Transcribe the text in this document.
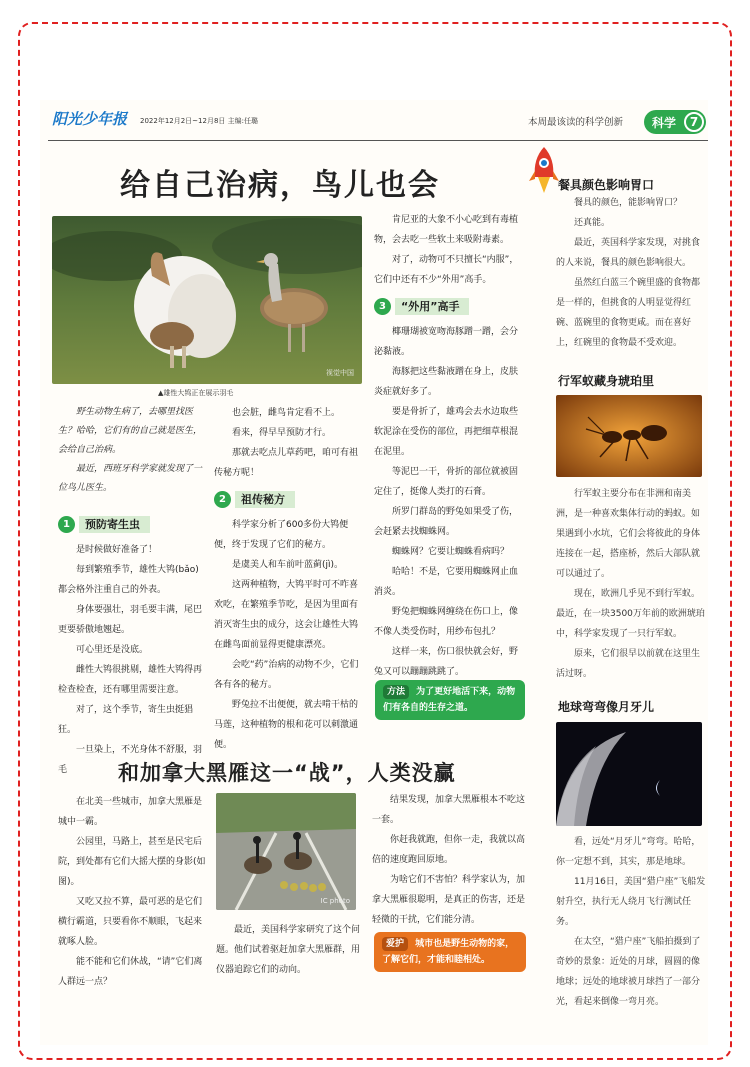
阳光少年报 2022年12月2日~12月8日 主编:任璐	本周最该读的科学创新	科学	7
给自己治病，鸟儿也会
视觉中国
▲雄性大鸨正在展示羽毛

野生动物生病了，去哪里找医生？哈哈，它们有的自己就是医生，会给自己治病。

最近，西班牙科学家就发现了一位鸟儿医生。

1	预防寄生虫

是时候做好准备了！

每到繁殖季节，雄性大鸨(bǎo)都会格外注重自己的外表。

身体要强壮，羽毛要丰满，尾巴更要骄傲地翘起。

可心里还是没底。

雌性大鸨很挑剔，雄性大鸨得再检查检查，还有哪里需要注意。

对了，这个季节，寄生虫挺猖狂。

一旦染上，不光身体不舒服，羽毛

也会脏，雌鸟肯定看不上。

看来，得早早预防才行。

那就去吃点儿草药吧，咱可有祖传秘方呢！

2	祖传秘方

科学家分析了600多份大鸨便便，终于发现了它们的秘方。

是虞美人和车前叶蓝蓟(jì)。

这两种植物，大鸨平时可不咋喜欢吃，在繁殖季节吃，是因为里面有消灭寄生虫的成分，这会让雄性大鸨在雌鸟面前显得更健康漂亮。

会吃“药”治病的动物不少，它们各有各的秘方。

野兔拉不出便便，就去啃干枯的马莲，这种植物的根和花可以刺激通便。

肯尼亚的大象不小心吃到有毒植物，会去吃一些软土来吸附毒素。

对了，动物可不只擅长“内服”，它们中还有不少“外用”高手。

3	“外用”高手

椰珊瑚被宽吻海豚蹭一蹭，会分泌黏液。

海豚把这些黏液蹭在身上，皮肤炎症就好多了。

要是骨折了，雄鸡会去水边取些软泥涂在受伤的部位，再把细草根混在泥里。

等泥巴一干，骨折的部位就被固定住了，挺像人类打的石膏。

所罗门群岛的野兔如果受了伤，会赶紧去找蜘蛛网。

蜘蛛网？它要让蜘蛛看病吗？

哈哈！不是，它要用蜘蛛网止血消炎。

野兔把蜘蛛网缠绕在伤口上，像不像人类受伤时，用纱布包扎？

这样一来，伤口很快就会好，野兔又可以蹦蹦跳跳了。

方法 为了更好地活下来，动物们有各自的生存之道。
和加拿大黑雁这一“战”，人类没赢

在北美一些城市，加拿大黑雁是城中一霸。

公园里，马路上，甚至是民宅后院，到处都有它们大摇大摆的身影(如图)。

又吃又拉不算，最可恶的是它们横行霸道，只要看你不顺眼，飞起来就啄人脸。

能不能和它们休战，“请”它们离人群远一点？

IC photo

最近，美国科学家研究了这个问题。他们试着驱赶加拿大黑雁群，用仪器追踪它们的动向。

结果发现，加拿大黑雁根本不吃这一套。

你赶我就跑，但你一走，我就以高倍的速度跑回原地。

为啥它们不害怕？科学家认为，加拿大黑雁很聪明，是真正的伤害，还是轻微的干扰，它们能分清。

爱护 城市也是野生动物的家，了解它们，才能和睦相处。
餐具颜色影响胃口

餐具的颜色，能影响胃口？

还真能。

最近，英国科学家发现，对挑食的人来说，餐具的颜色影响很大。

虽然红白蓝三个碗里盛的食物都是一样的，但挑食的人明显觉得红碗、蓝碗里的食物更咸。而在喜好上，红碗里的食物最不受欢迎。

行军蚁藏身琥珀里

行军蚁主要分布在非洲和南美洲，是一种喜欢集体行动的蚂蚁。如果遇到小水坑，它们会将彼此的身体连接在一起，搭座桥，然后大部队就可以通过了。

现在，欧洲几乎见不到行军蚁。最近，在一块3500万年前的欧洲琥珀中，科学家发现了一只行军蚁。

原来，它们很早以前就在这里生活过呀。

地球弯弯像月牙儿

看，远处“月牙儿”弯弯。哈哈，你一定想不到，其实，那是地球。

11月16日，美国“猎户座”飞船发射升空，执行无人绕月飞行测试任务。

在太空，“猎户座”飞船拍摄到了奇妙的景象：近处的月球，圆圆的像地球；远处的地球被月球挡了一部分光，看起来倒像一弯月亮。
